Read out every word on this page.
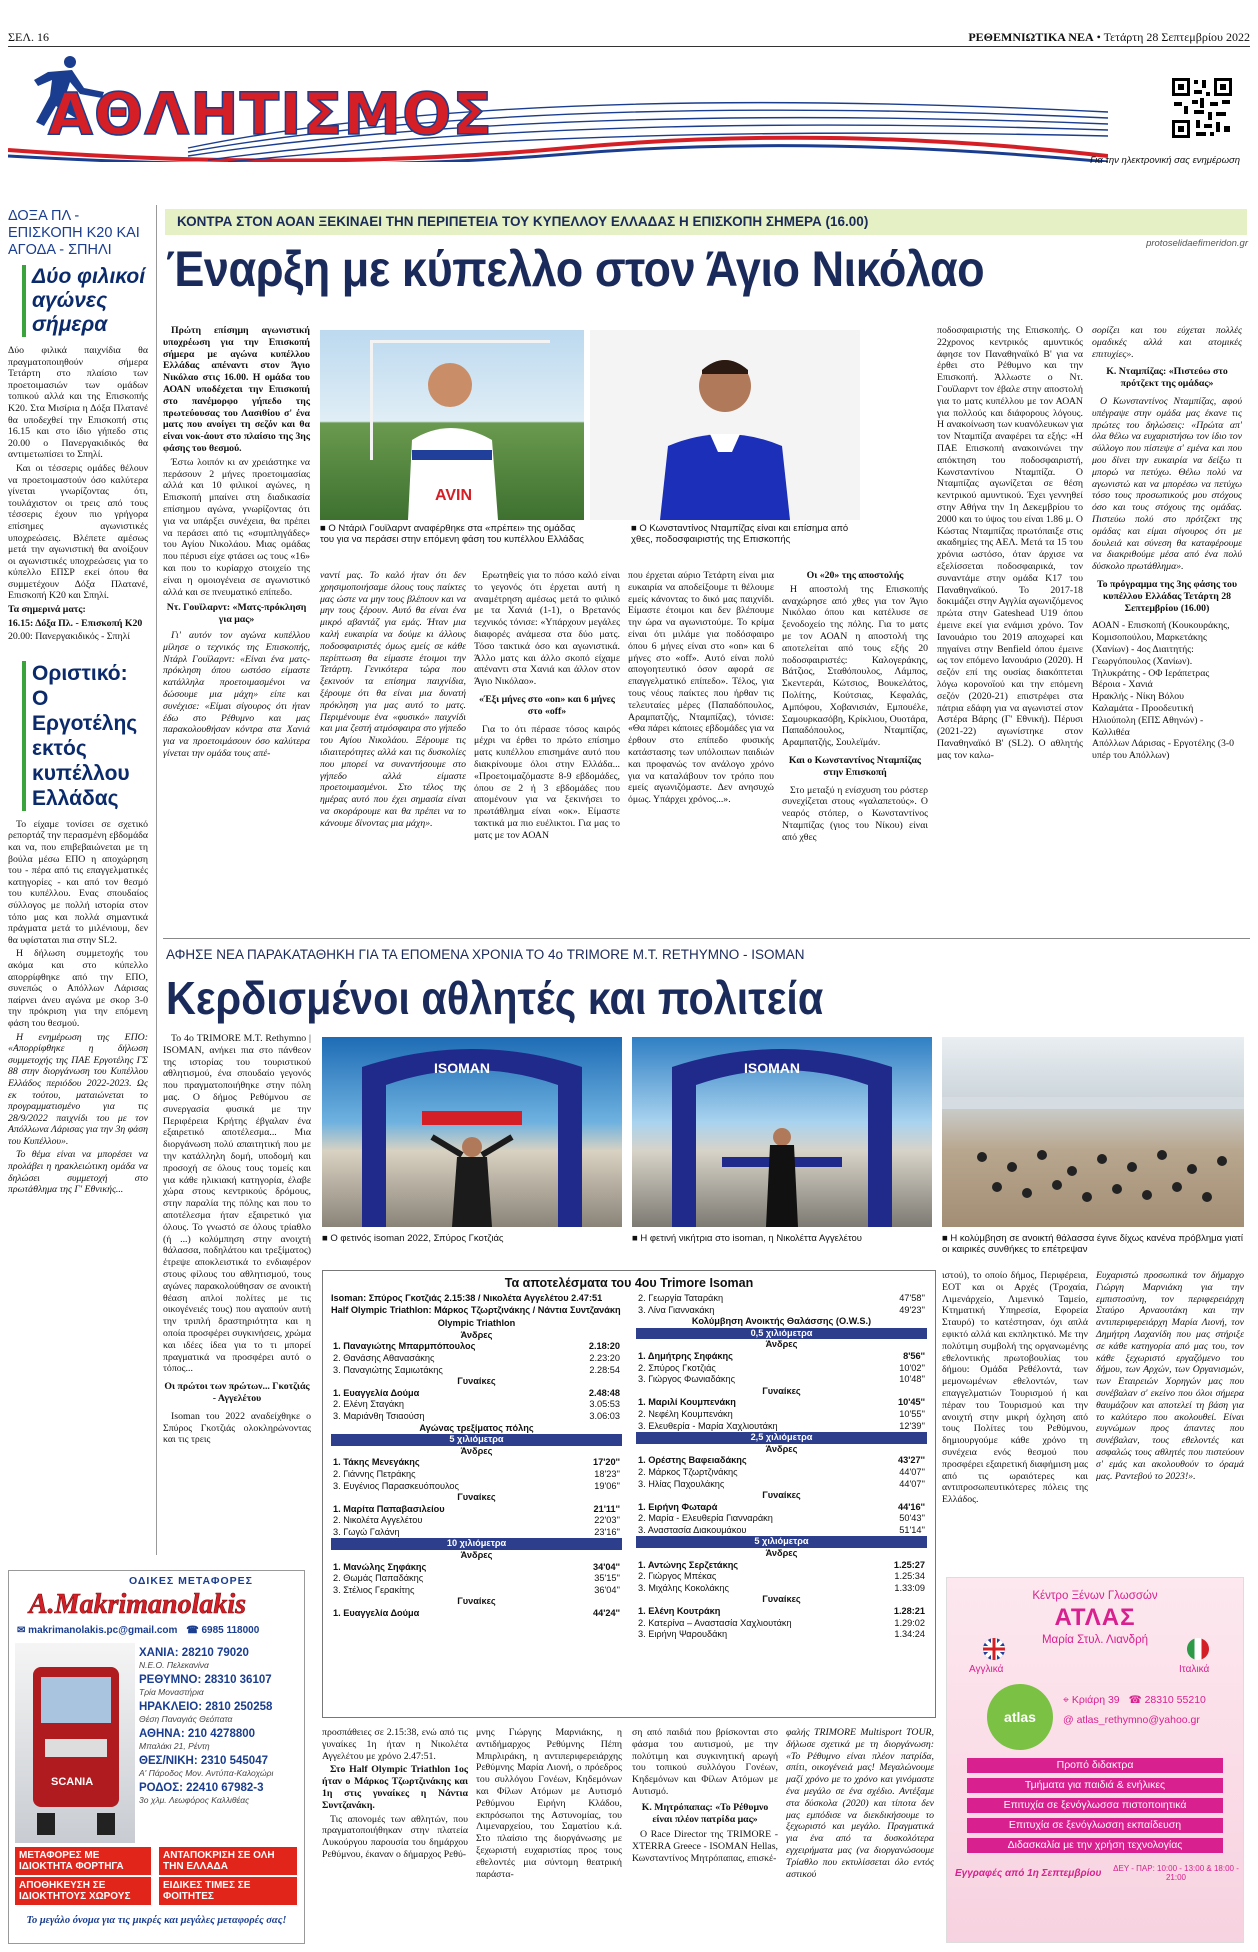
ΣΕΛ. 16	ΡΕΘΕΜΝΙΩΤΙΚΑ ΝΕΑ • Τετάρτη 28 Σεπτεμβρίου 2022
ΑΘΛΗΤΙΣΜΟΣ
Για την ηλεκτρονική σας ενημέρωση
ΔΟΞΑ ΠΛ - ΕΠΙΣΚΟΠΗ Κ20 ΚΑΙ ΑΓΟΔΑ - ΣΠΗΛΙ
Δύο φιλικοί αγώνες σήμερα

Δύο φιλικά παιχνίδια θα πραγματοποιηθούν σήμερα Τετάρτη στο πλαίσιο των προετοιμασιών των ομάδων τοπικού αλλά και της Επισκοπής Κ20. Στα Μισίρια η Δόξα Πλατανέ θα υποδεχθεί την Επισκοπή στις 16.15 και στο ίδιο γήπεδο στις 20.00 ο Πανεργακιδικός θα αντιμετωπίσει το Σπηλί.

Και οι τέσσερις ομάδες θέλουν να προετοιμαστούν όσο καλύτερα γίνεται γνωρίζοντας ότι, τουλάχιστον οι τρεις από τους τέσσερις έχουν πιο γρήγορα επίσημες αγωνιστικές υποχρεώσεις. Βλέπετε αμέσως μετά την αγωνιστική θα ανοίξουν οι αγωνιστικές υποχρεώσεις για το κύπελλο ΕΠΣΡ εκεί όπου θα συμμετέχουν Δόξα Πλατανέ, Επισκοπή Κ20 και Σπηλί.

Τα σημερινά ματς:

16.15: Δόξα Πλ. - Επισκοπή Κ20

20.00: Πανεργακιδικός - Σπηλί

Οριστικό: Ο Εργοτέλης εκτός κυπέλλου Ελλάδας

Το είχαμε τονίσει σε σχετικό ρεπορτάζ την περασμένη εβδομάδα και να, που επιβεβαιώνεται με τη βούλα μέσω ΕΠΟ η αποχώρηση του - πέρα από τις επαγγελματικές κατηγορίες - και από τον θεσμό του κυπέλλου. Ενας σπουδαίος σύλλογος με πολλή ιστορία στον τόπο μας και πολλά σημαντικά πράγματα μετά το μιλένιουμ, δεν θα υφίσταται πια στην SL2.

Η δήλωση συμμετοχής του ακόμα και στο κύπελλο απορρίφθηκε από την ΕΠΟ, συνεπώς ο Απόλλων Λάρισας παίρνει άνευ αγώνα με σκορ 3-0 την πρόκριση για την επόμενη φάση του θεσμού.

Η ενημέρωση της ΕΠΟ: «Απορρίφθηκε η δήλωση συμμετοχής της ΠΑΕ Εργοτέλης ΓΣ 88 στην διοργάνωση του Κυπέλλου Ελλάδος περιόδου 2022-2023. Ως εκ τούτου, ματαιώνεται το προγραμματισμένο για τις 28/9/2022 παιχνίδι του με τον Απόλλωνα Λάρισας για την 3η φάση του Κυπέλλου».

Το θέμα είναι να μπορέσει να προλάβει η ηρακλειώτικη ομάδα να δηλώσει συμμετοχή στο πρωτάθλημα της Γ' Εθνικής...

ΚΟΝΤΡΑ ΣΤΟΝ ΑΟΑΝ ΞΕΚΙΝΑΕΙ ΤΗΝ ΠΕΡΙΠΕΤΕΙΑ ΤΟΥ ΚΥΠΕΛΛΟΥ ΕΛΛΑΔΑΣ Η ΕΠΙΣΚΟΠΗ ΣΗΜΕΡΑ (16.00)
protoselidaefimeridon.gr
Έναρξη με κύπελλο στον Άγιο Νικόλαο

Πρώτη επίσημη αγωνιστική υποχρέωση για την Επισκοπή σήμερα με αγώνα κυπέλλου Ελλάδας απέναντι στον Άγιο Νικόλαο στις 16.00. Η ομάδα του ΑΟΑΝ υποδέχεται την Επισκοπή στο πανέμορφο γήπεδο της πρωτεύουσας του Λασιθίου σ' ένα ματς που ανοίγει τη σεζόν και θα είναι νοκ-άουτ στο πλαίσιο της 3ης φάσης του θεσμού.

Έστω λοιπόν κι αν χρειάστηκε να περάσουν 2 μήνες προετοιμασίας αλλά και 10 φιλικοί αγώνες, η Επισκοπή μπαίνει στη διαδικασία επίσημου αγώνα, γνωρίζοντας ότι για να υπάρξει συνέχεια, θα πρέπει να περάσει από τις «συμπληγάδες» του Αγίου Νικολάου. Μιας ομάδας που πέρυσι είχε φτάσει ως τους «16» και που το κυρίαρχο στοιχείο της είναι η ομοιογένεια σε αγωνιστικό αλλά και σε πνευματικό επίπεδο.

Ντ. Γουϊλαρντ: «Ματς-πρόκληση για μας»

Γι' αυτόν τον αγώνα κυπέλλου μίλησε ο τεχνικός της Επισκοπής, Ντάρλ Γουϊλαρντ: «Είναι ένα ματς-πρόκληση όπου ωστόσο είμαστε κατάλληλα προετοιμασμένοι να δώσουμε μια μάχη» είπε και συνέχισε: «Είμαι σίγουρος ότι ήταν έδω στο Ρέθυμνο και μας παρακολουθήσαν κόντρα στα Χανιά για να προετοιμάσουν όσο καλύτερα γίνεται την ομάδα τους απέ-

AVIN
■ Ο Ντάριλ Γουϊλαρντ αναφέρθηκε στα «πρέπει» της ομάδας του για να περάσει στην επόμενη φάση του κυπέλλου Ελλάδας
■ Ο Κωνσταντίνος Νταμπίζας είναι και επίσημα από χθες, ποδοσφαιριστής της Επισκοπής

ναντί μας. Το καλό ήταν ότι δεν χρησιμοποιήσαμε όλους τους παίκτες μας ώστε να μην τους βλέπουν και να μην τους ξέρουν. Αυτό θα είναι ένα μικρό αβαντάζ για εμάς. Ήταν μια καλή ευκαιρία να δούμε κι άλλους ποδοσφαιριστές όμως εμείς σε κάθε περίπτωση θα είμαστε έτοιμοι την Τετάρτη. Γενικότερα τώρα που ξεκινούν τα επίσημα παιχνίδια, ξέρουμε ότι θα είναι μια δυνατή πρόκληση για μας αυτό το ματς. Περιμένουμε ένα «φυσικό» παιχνίδι και μια ζεστή ατμόσφαιρα στο γήπεδο του Αγίου Νικολάου. Ξέρουμε τις ιδιαιτερότητες αλλά και τις δυσκολίες που μπορεί να συναντήσουμε στο γήπεδο αλλά είμαστε προετοιμασμένοι. Στο τέλος της ημέρας αυτό που έχει σημασία είναι να σκοράρουμε και θα πρέπει να το κάνουμε δίνοντας μια μάχη».

Ερωτηθείς για το πόσο καλό είναι το γεγονός ότι έρχεται αυτή η αναμέτρηση αμέσως μετά το φιλικό με τα Χανιά (1-1), ο Βρετανός τεχνικός τόνισε: «Υπάρχουν μεγάλες διαφορές ανάμεσα στα δύο ματς. Τόσο τακτικά όσο και αγωνιστικά. Άλλο ματς και άλλο σκοπό είχαμε απέναντι στα Χανιά και άλλον στον Άγιο Νικόλαο».

«Έξι μήνες στο «on» και 6 μήνες στο «off»

Για το ότι πέρασε τόσος καιρός μέχρι να έρθει το πρώτο επίσημο ματς κυπέλλου επισημάνε αυτό που διακρίνουμε όλοι στην Ελλάδα... «Προετοιμαζόμαστε 8-9 εβδομάδες, όπου σε 2 ή 3 εβδομάδες που απομένουν για να ξεκινήσει το πρωτάθλημα είναι «οκ». Είμαστε τακτικά μα πιο ευέλικτοι. Για μας το ματς με τον ΑΟΑΝ

που έρχεται αύριο Τετάρτη είναι μια ευκαιρία να αποδείξουμε τι θέλουμε εμείς κάνοντας το δικό μας παιχνίδι. Είμαστε έτοιμοι και δεν βλέπουμε την ώρα να αγωνιστούμε. Το κρίμα είναι ότι μιλάμε για ποδόσφαιρο όπου 6 μήνες είναι στο «on» και 6 μήνες στο «off». Αυτό είναι πολύ απογοητευτικό όσον αφορά σε επαγγελματικό επίπεδο». Τέλος, για τους νέους παίκτες που ήρθαν τις τελευταίες μέρες (Παπαδόπουλος, Αραμπατζής, Νταμπίζας), τόνισε: «Θα πάρει κάποιες εβδομάδες για να έρθουν στο επίπεδο φυσικής κατάστασης των υπόλοιπων παιδιών και προφανώς τον ανάλογο χρόνο για να καταλάβουν τον τρόπο που εμείς αγωνιζόμαστε. Δεν ανησυχώ όμως. Υπάρχει χρόνος...».

Οι «20» της αποστολής

Η αποστολή της Επισκοπής αναχώρησε από χθες για τον Άγιο Νικόλαο όπου και κατέλυσε σε ξενοδοχείο της πόλης. Για το ματς με τον ΑΟΑΝ η αποστολή της αποτελείται από τους εξής 20 ποδοσφαιριστές: Καλογεράκης, Βάτζιος, Σταθόπουλος, Λάμπος, Σκεντεράι, Κώτσιος, Βουκελάτος, Πολίτης, Κούτσιας, Κεφαλάς, Αμπόφου, Χοβανισιάν, Εμπουέλε, Σαμουρκασόβη, Κρίκλιου, Ουοτάρα, Παπαδόπουλος, Νταμπίζας, Αραμπατζής, Σουλεϊμάν.

Και ο Κωνσταντίνος Νταμπίζας στην Επισκοπή

Στο μεταξύ η ενίσχυση του ρόστερ συνεχίζεται στους «γαλαπετούς». Ο νεαρός στόπερ, ο Κωνσταντίνος Νταμπίζας (γιος του Νίκου) είναι από χθες

ποδοσφαιριστής της Επισκοπής. Ο 22χρονος κεντρικός αμυντικός άφησε τον Παναθηναϊκό Β' για να έρθει στο Ρέθυμνο και την Επισκοπή. Άλλωστε ο Ντ. Γουϊλαρντ τον έβαλε στην αποστολή για το ματς κυπέλλου με τον ΑΟΑΝ για πολλούς και διάφορους λόγους. Η ανακοίνωση των κυανόλευκων για τον Νταμπίζα αναφέρει τα εξής: «Η ΠΑΕ Επισκοπή ανακοινώνει την απόκτηση του ποδοσφαιριστή, Κωνσταντίνου Νταμπίζα. Ο Νταμπίζας αγωνίζεται σε θέση κεντρικού αμυντικού. Έχει γεννηθεί στην Αθήνα την 1η Δεκεμβρίου το 2000 και το ύψος του είναι 1.86 μ. Ο Κώστας Νταμπίζας πρωτόπαιξε στις ακαδημίες της ΑΕΛ. Μετά τα 15 του χρόνια ωστόσο, όταν άρχισε να εξελίσσεται ποδοσφαιρικά, τον συναντάμε στην ομάδα Κ17 του Παναθηναϊκού. Το 2017-18 δοκιμάζει στην Αγγλία αγωνιζόμενος πρώτα στην Gateshead U19 όπου έμεινε εκεί για ενάμισι χρόνο. Τον Ιανουάριο του 2019 αποχωρεί και πηγαίνει στην Benfield όπου έμεινε ως τον επόμενο Ιανουάριο (2020). Η σεζόν επί της ουσίας διακόπτεται λόγω κορονοϊού και την επόμενη σεζόν (2020-21) επιστρέφει στα πάτρια εδάφη για να αγωνιστεί στον Αστέρα Βάρης (Γ' Εθνική). Πέρυσι (2021-22) αγωνίστηκε στον Παναθηναϊκό Β' (SL2). Ο αθλητής μας τον καλω-

σορίζει και του εύχεται πολλές ομαδικές αλλά και ατομικές επιτυχίες».

Κ. Νταμπίζας: «Πιστεύω στο πρότζεκτ της ομάδας»

Ο Κωνσταντίνος Νταμπίζας, αφού υπέγραψε στην ομάδα μας έκανε τις πρώτες του δηλώσεις: «Πρώτα απ' όλα θέλω να ευχαριστήσω τον ίδιο τον σύλλογο που πίστεψε σ' εμένα και που μου δίνει την ευκαιρία να δείξω τι μπορώ να πετύχω. Θέλω πολύ να αγωνιστώ και να μπορέσω να πετύχω τόσο τους προσωπικούς μου στόχους όσο και τους στόχους της ομάδας. Πιστεύω πολύ στο πρότζεκτ της ομάδας και είμαι σίγουρος ότι με δουλειά και σύνεση θα καταφέρουμε να διακριθούμε μέσα από ένα πολύ δύσκολο πρωτάθλημα».

Το πρόγραμμα της 3ης φάσης του κυπέλλου Ελλάδας Τετάρτη 28 Σεπτεμβρίου (16.00)

ΑΟΑΝ - Επισκοπή (Κουκουράκης, Κομισοπούλου, Μαρκετάκης (Χανίων) - 4ος Διαιτητής: Γεωργόπουλος (Χανίων).
Τηλυκράτης - ΟΦ Ιεράπετρας
Βέροια - Χανιά
Ηρακλής - Νίκη Βόλου
Καλαμάτα - Προοδευτική
Ηλιούπολη (ΕΠΣ Αθηνών) - Καλλιθέα
Απόλλων Λάρισας - Εργοτέλης (3-0 υπέρ του Απόλλων)
ΑΦΗΣΕ ΝΕΑ ΠΑΡΑΚΑΤΑΘΗΚΗ ΓΙΑ ΤΑ ΕΠΟΜΕΝΑ ΧΡΟΝΙΑ ΤΟ 4ο TRIMORE M.T. RETHYMNO - ISOMAN
Κερδισμένοι αθλητές και πολιτεία

Το 4ο TRIMORE M.T. Rethymno | ISOMAN, ανήκει πια στο πάνθεον της ιστορίας του τουριστικού αθλητισμού, ένα σπουδαίο γεγονός που πραγματοποιήθηκε στην πόλη μας. Ο δήμος Ρεθύμνου σε συνεργασία φυσικά με την Περιφέρεια Κρήτης έβγαλαν ένα εξαιρετικό αποτέλεσμα... Μια διοργάνωση πολύ απαιτητική που με την κατάλληλη δομή, υποδομή και προσοχή σε όλους τους τομείς και για κάθε ηλικιακή κατηγορία, έλαβε χώρα στους κεντρικούς δρόμους, στην παραλία της πόλης και που το αποτέλεσμα ήταν εξαιρετικό για όλους. Το γνωστό σε όλους τρίαθλο (ή ...) κολύμπηση στην ανοιχτή θάλασσα, ποδηλάτου και τρεξίματος) έτρεψε αποκλειστικά το ενδιαφέρον στους φίλους του αθλητισμού, τους αγώνες παρακολούθησαν σε ανοικτή θέαση απλοί πολίτες με τις οικογένειές τους) που αγαπούν αυτή την τριπλή δραστηριότητα και η οποία προσφέρει συγκινήσεις, χρώμα και ιδέες ίδεα για το τι μπορεί πραγματικά να προσφέρει αυτό ο τόπος...

Οι πρώτοι των πρώτων... Γκοτζιάς - Αγγελέτου

Isoman του 2022 αναδείχθηκε ο Σπύρος Γκοτζιάς ολοκληρώνοντας και τις τρεις

ISOMAN	ISOMAN
■ Ο φετινός isoman 2022, Σπύρος Γκοτζιάς	■ Η φετινή νικήτρια στο isoman, η Νικολέττα Αγγελέτου	■ Η κολύμβηση σε ανοικτή θάλασσα έγινε δίχως κανένα πρόβλημα γιατί οι καιρικές συνθήκες το επέτρεψαν
Τα αποτελέσματα του 4ου Trimore Isoman
Isoman: Σπύρος Γκοτζιάς 2.15:38 / Νικολέτα Αγγελέτου 2.47:51
Half Olympic Triathlon: Μάρκος Τζωρτζινάκης / Νάντια Συντζανάκη
Olympic Triathlon	
Άνδρες	
1. Παναγιώτης Μπαρμπόπουλος	2.18:20
2. Θανάσης Αθανασάκης	2.23:20
3. Παναγιώτης Σαμιωτάκης	2.28:54
Γυναίκες	
1. Ευαγγελία Δούμα	2.48:48
2. Ελένη Σταγάκη	3.05:53
3. Μαριάνθη Τσιαούση	3.06:03
Αγώνας τρεξίματος πόλης	
5 χιλιόμετρα	
Άνδρες	
1. Τάκης Μενεγάκης	17'20''
2. Γιάννης Πετράκης	18'23''
3. Ευγένιος Παρασκευόπουλος	19'06''
Γυναίκες	
1. Μαρίτα Παπαβασιλείου	21'11''
2. Νικολέτα Αγγελέτου	22'03''
3. Γωγώ Γαλάνη	23'16''
10 χιλιόμετρα	
Άνδρες	
1. Μανώλης Σηφάκης	34'04''
2. Θωμάς Παπαδάκης	35'15''
3. Στέλιος Γερακίτης	36'04''
Γυναίκες	
1. Ευαγγελία Δούμα	44'24''
2. Γεωργία Ταταράκη	47'58''
3. Λίνα Γιαννακάκη	49'23''
Κολύμβηση Ανοικτής Θαλάσσης (O.W.S.)	
0,5 χιλιόμετρα	
Άνδρες	
1. Δημήτρης Σηφάκης	8'56''
2. Σπύρος Γκοτζιάς	10'02''
3. Γιώργος Φωνιαδάκης	10'48''
Γυναίκες	
1. Μαριλί Κουμπενάκη	10'45''
2. Νεφέλη Κουμπενάκη	10'55''
3. Ελευθερία - Μαρία Χαχλιουτάκη	12'39''
2,5 χιλιόμετρα	
Άνδρες	
1. Ορέστης Βαφειαδάκης	43'27''
2. Μάρκος Τζωρτζινάκης	44'07''
3. Ηλίας Παχουλάκης	44'07''
Γυναίκες	
1. Ειρήνη Φωταρά	44'16''
2. Μαρία - Ελευθερία Γιανναράκη	50'43''
3. Αναστασία Διακουμάκου	51'14''
5 χιλιόμετρα	
Άνδρες	
1. Αντώνης Σερζετάκης	1.25:27
2. Γιώργος Μπέκας	1.25:34
3. Μιχάλης Κοκολάκης	1.33:09
Γυναίκες	
1. Ελένη Κουτράκη	1.28:21
2. Κατερίνα – Αναστασία Χαχλιουτάκη	1.29:02
3. Ειρήνη Ψαρουδάκη	1.34:24

ιστού), το οποίο δήμος, Περιφέρεια, ΕΟΤ και οι Αρχές (Τροχαία, Λιμενάρχείο, Λιμενικό Ταμείο, Κτηματική Υπηρεσία, Εφορεία Σταυρό) το κατέστησαν, όχι απλά εφικτό αλλά και εκπληκτικό. Με την πολύτιμη συμβολή της οργανωμένης εθελοντικής πρωτοβουλίας του δήμου: Ομάδα Ρεθέλοντά, των μεμονωμένων εθελοντών, των επαγγελματιών Τουρισμού ή και πέραν του Τουρισμού και την ανοιχτή στην μικρή όχληση από τους Πολίτες του Ρεθύμνου, δημιουργούμε κάθε χρόνο τη συνέχεια ενός θεσμού που προσφέρει εξαιρετική διαφήμιση μας από τις ωραιότερες και αντιπροσωπευτικότερες πόλεις της Ελλάδος.

Ευχαριστώ προσωπικά τον δήμαρχο Γιώργη Μαρνιάκη για την εμπιστοσύνη, τον περιφερειάρχη Σταύρο Αρναουτάκη και την αντιπεριφερειάρχη Μαρία Λιονή, τον Δημήτρη Λαχανίδη που μας στήριξε σε κάθε κατηγορία από μας του, τον κάθε ξεχωριστό εργαζόμενο του δήμου, των Αρχών, των Οργανισμών, των Εταιρειών Χορηγών μας που συνέβαλαν σ' εκείνο που όλοι σήμερα θαυμάζουν και αποτελεί τη βάση για το καλύτερο που ακολουθεί. Είναι ευγνώμων προς άπαντες που συνέβαλαν, τους εθελοντές και ασφαλώς τους αθλητές που πιστεύουν σ' εμάς και ακολουθούν το όραμά μας. Ραντεβού το 2023!».

προσπάθειες σε 2.15:38, ενώ από τις γυναίκες 1η ήταν η Νικολέτα Αγγελέτου με χρόνο 2.47:51.

Στο Half Olympic Triathlon 1ος ήταν ο Μάρκος Τζωρτζινάκης και 1η στις γυναίκες η Νάντια Συντζανάκη.

Τις απονομές των αθλητών, που πραγματοποιήθηκαν στην πλατεία Λυκούργου παρουσία του δημάρχου Ρεθύμνου, έκαναν ο δήμαρχος Ρεθύ-

μνης Γιώργης Μαρνιάκης, η αντιδήμαρχος Ρεθύμνης Πέπη Μπιρλιράκη, η αντιπεριφερειάρχης Ρεθύμνης Μαρία Λιονή, ο πρόεδρος του συλλόγου Γονέων, Κηδεμόνων και Φίλων Ατόμων με Αυτισμό Ρεθύμνου Ειρήνη Κλάδου, εκπρόσωποι της Αστυνομίας, του Λιμεναρχείου, του Σαματίου κ.ά. Στο πλαίσιο της διοργάνωσης με ξεχωριστή ευχαριστίας προς τους εθελοντές μια σύντομη θεατρική παράστα-

ση από παιδιά που βρίσκονται στο φάσμα του αυτισμού, με την πολύτιμη και συγκινητική αρωγή του τοπικού συλλόγου Γονέων, Κηδεμόνων και Φίλων Ατόμων με Αυτισμό.

Κ. Μητρόπαπας: «Το Ρέθυμνο είναι πλέον πατρίδα μας»

O Race Director της TRIMORE - XTERRA Greece - ISOMAN Hellas, Κωνσταντίνος Μητρόπαπας, επισκέ-

φαλής TRIMORE Multisport TOUR, δήλωσε σχετικά με τη διοργάνωση: «Το Ρέθυμνο είναι πλέον πατρίδα, σπίτι, οικογένειά μας! Μεγαλώνουμε μαζί χρόνο με το χρόνο και γινόμαστε ένα μεγάλο σε ένα σχέδιο. Αντέξαμε στα δύσκολα (2020) και τίποτα δεν μας εμπόδισε να διεκδικήσουμε το ξεχωριστό και μεγάλο. Πραγματικά για ένα από τα δυσκολότερα εγχειρήματα μας (να διοργανώσουμε Τρίαθλο που εκτυλίσσεται όλο εντός αστικού

ΟΔΙΚΕΣ ΜΕΤΑΦΟΡΕΣ
A.Makrimanolakis
✉ makrimanolakis.pc@gmail.com ☎ 6985 118000
SCANIA
ΧΑΝΙΑ: 28210 79020
Ν.Ε.Ο. Πελεκανίνα
ΡΕΘΥΜΝΟ: 28310 36107
Τρία Μοναστήρια
ΗΡΑΚΛΕΙΟ: 2810 250258
Θέση Παναγιάς Θεόπατα
ΑΘΗΝΑ: 210 4278800
Μπαλάκι 21, Ρέντη
ΘΕΣ/ΝΙΚΗ: 2310 545047
Α' Πάροδος Μον. Αντύπα-Καλοχώρι
ΡΟΔΟΣ: 22410 67982-3
3ο χλμ. Λεωφόρος Καλλιθέας
ΜΕΤΑΦΟΡΕΣ ΜΕ ΙΔΙΟΚΤΗΤΑ ΦΟΡΤΗΓΑ
ΑΝΤΑΠΟΚΡΙΣΗ ΣΕ ΟΛΗ ΤΗΝ ΕΛΛΑΔΑ
ΑΠΟΘΗΚΕΥΣΗ ΣΕ ΙΔΙΟΚΤΗΤΟΥΣ ΧΩΡΟΥΣ
ΕΙΔΙΚΕΣ ΤΙΜΕΣ ΣΕ ΦΟΙΤΗΤΕΣ
Το μεγάλο όνομα για τις μικρές και μεγάλες μεταφορές σας!
Κέντρο Ξένων Γλωσσών
ΑΤΛΑΣ
Μαρία Στυλ. Λιανδρή
Αγγλικά	Ιταλικά
atlas
⌖ Κριάρη 39 ☎ 28310 55210
@ atlas_rethymno@yahoo.gr
Προπό διδακτρα
Τμήματα για παιδιά & ενήλικες
Επιτυχία σε ξενόγλωσσα πιστοποιητικά
Επιτυχία σε ξενόγλωσση εκπαίδευση
Διδασκαλία με την χρήση τεχνολογίας
Εγγραφές από 1η Σεπτεμβρίου ΔΕΥ - ΠΑΡ: 10:00 - 13:00 & 18:00 - 21:00
